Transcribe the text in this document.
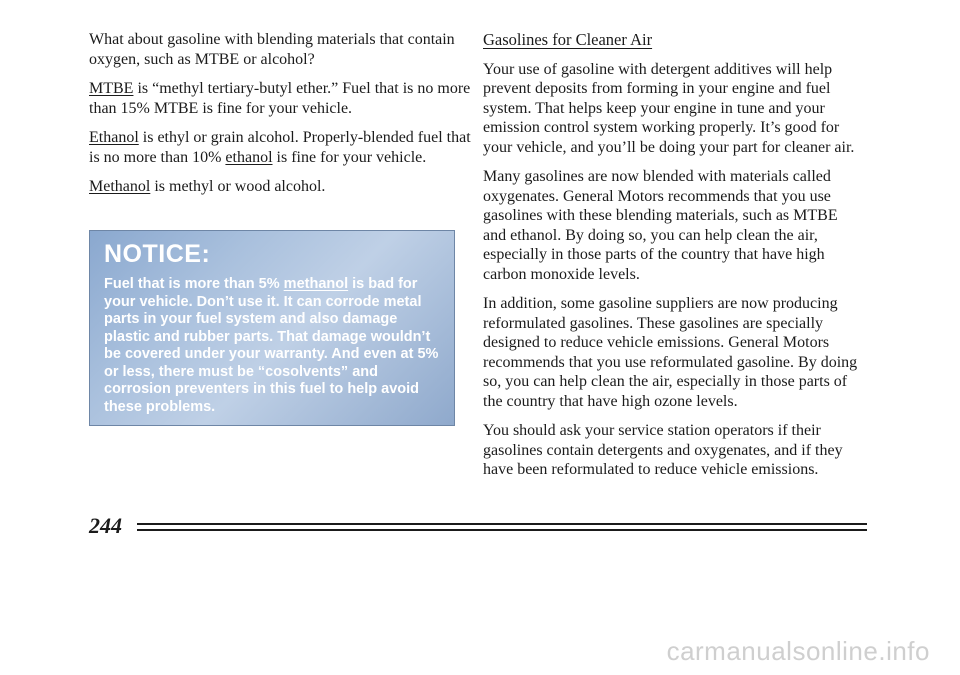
What about gasoline with blending materials that contain oxygen, such as MTBE or alcohol?

MTBE is “methyl tertiary-butyl ether.” Fuel that is no more than 15% MTBE is fine for your vehicle.

Ethanol is ethyl or grain alcohol. Properly-blended fuel that is no more than 10% ethanol is fine for your vehicle.

Methanol is methyl or wood alcohol.

NOTICE:

Fuel that is more than 5% methanol is bad for your vehicle. Don’t use it. It can corrode metal parts in your fuel system and also damage plastic and rubber parts. That damage wouldn’t be covered under your warranty. And even at 5% or less, there must be “cosolvents” and corrosion preventers in this fuel to help avoid these problems.

Gasolines for Cleaner Air

Your use of gasoline with detergent additives will help prevent deposits from forming in your engine and fuel system. That helps keep your engine in tune and your emission control system working properly. It’s good for your vehicle, and you’ll be doing your part for cleaner air.

Many gasolines are now blended with materials called oxygenates. General Motors recommends that you use gasolines with these blending materials, such as MTBE and ethanol. By doing so, you can help clean the air, especially in those parts of the country that have high carbon monoxide levels.

In addition, some gasoline suppliers are now producing reformulated gasolines. These gasolines are specially designed to reduce vehicle emissions. General Motors recommends that you use reformulated gasoline. By doing so, you can help clean the air, especially in those parts of the country that have high ozone levels.

You should ask your service station operators if their gasolines contain detergents and oxygenates, and if they have been reformulated to reduce vehicle emissions.

244
carmanualsonline.info
